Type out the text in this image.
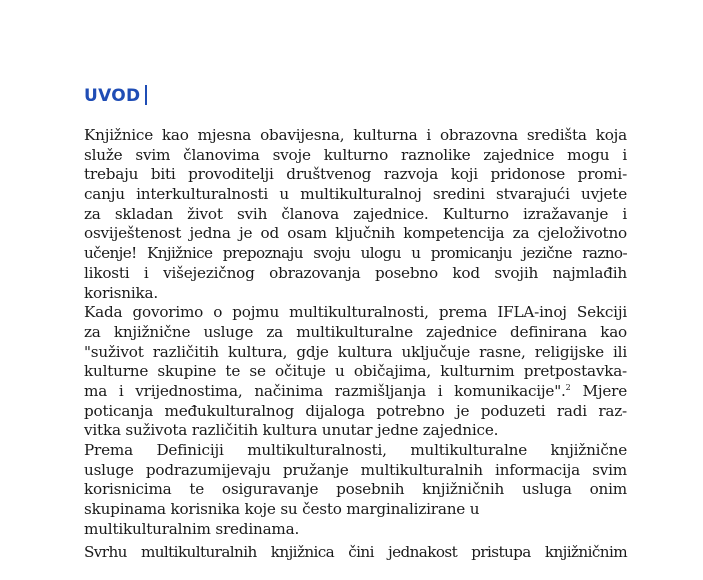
UVOD
Knjižnice kao mjesna obavijesna, kulturna i obrazovna središta koja
služe svim članovima svoje kulturno raznolike zajednice mogu i
trebaju biti provoditelji društvenog razvoja koji pridonose promi-
canju interkulturalnosti u multikulturalnoj sredini stvarajući uvjete
za skladan život svih članova zajednice. Kulturno izražavanje i
osviještenost jedna je od osam ključnih kompetencija za cjeloživotno
učenje! Knjižnice prepoznaju svoju ulogu u promicanju jezične razno-
likosti i višejezičnog obrazovanja posebno kod svojih najmlađih
korisnika.
Kada govorimo o pojmu multikulturalnosti, prema IFLA-inoj Sekciji
za knjižnične usluge za multikulturalne zajednice definirana kao
"suživot različitih kultura, gdje kultura uključuje rasne, religijske ili
kulturne skupine te se očituje u običajima, kulturnim pretpostavka-
ma i vrijednostima, načinima razmišljanja i komunikacije".$^2$ Mjere
poticanja međukulturalnog dijaloga potrebno je poduzeti radi raz-
vitka suživota različitih kultura unutar jedne zajednice.
Prema Definiciji multikulturalnosti, multikulturalne knjižnične
usluge podrazumijevaju pružanje multikulturalnih informacija svim
korisnicima te osiguravanje posebnih knjižničnih usluga onim
skupinama korisnika koje su često marginalizirane u
multikulturalnim sredinama.
Svrhu multikulturalnih knjižnica čini jednakost pristupa knjižničnim
